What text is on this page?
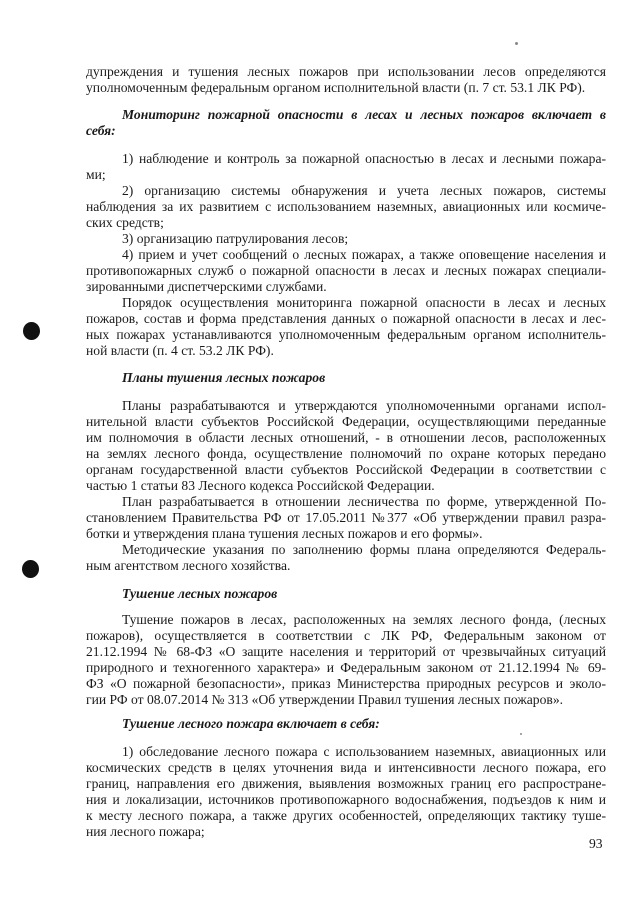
дупреждения и тушения лесных пожаров при использовании лесов определяются
уполномоченным федеральным органом исполнительной власти (п. 7 ст. 53.1 ЛК РФ).
Мониторинг пожарной опасности в лесах и лесных пожаров включает в
себя:
1) наблюдение и контроль за пожарной опасностью в лесах и лесными пожара-
ми;
2) организацию системы обнаружения и учета лесных пожаров, системы
наблюдения за их развитием с использованием наземных, авиационных или космиче-
ских средств;
3) организацию патрулирования лесов;
4) прием и учет сообщений о лесных пожарах, а также оповещение населения и
противопожарных служб о пожарной опасности в лесах и лесных пожарах специали-
зированными диспетчерскими службами.
Порядок осуществления мониторинга пожарной опасности в лесах и лесных
пожаров, состав и форма представления данных о пожарной опасности в лесах и лес-
ных пожарах устанавливаются уполномоченным федеральным органом исполнитель-
ной власти (п. 4 ст. 53.2 ЛК РФ).
Планы тушения лесных пожаров
Планы разрабатываются и утверждаются уполномоченными органами испол-
нительной власти субъектов Российской Федерации, осуществляющими переданные
им полномочия в области лесных отношений, - в отношении лесов, расположенных
на землях лесного фонда, осуществление полномочий по охране которых передано
органам государственной власти субъектов Российской Федерации в соответствии с
частью 1 статьи 83 Лесного кодекса Российской Федерации.
План разрабатывается в отношении лесничества по форме, утвержденной По-
становлением Правительства РФ от 17.05.2011 №377 «Об утверждении правил разра-
ботки и утверждения плана тушения лесных пожаров и его формы».
Методические указания по заполнению формы плана определяются Федераль-
ным агентством лесного хозяйства.
Тушение лесных пожаров
Тушение пожаров в лесах, расположенных на землях лесного фонда, (лесных
пожаров), осуществляется в соответствии с ЛК РФ, Федеральным законом от
21.12.1994 № 68-ФЗ «О защите населения и территорий от чрезвычайных ситуаций
природного и техногенного характера» и Федеральным законом от 21.12.1994 № 69-
ФЗ «О пожарной безопасности», приказ Министерства природных ресурсов и эколо-
гии РФ от 08.07.2014 № 313 «Об утверждении Правил тушения лесных пожаров».
Тушение лесного пожара включает в себя:
1) обследование лесного пожара с использованием наземных, авиационных или
космических средств в целях уточнения вида и интенсивности лесного пожара, его
границ, направления его движения, выявления возможных границ его распростране-
ния и локализации, источников противопожарного водоснабжения, подъездов к ним и
к месту лесного пожара, а также других особенностей, определяющих тактику туше-
ния лесного пожара;
93
